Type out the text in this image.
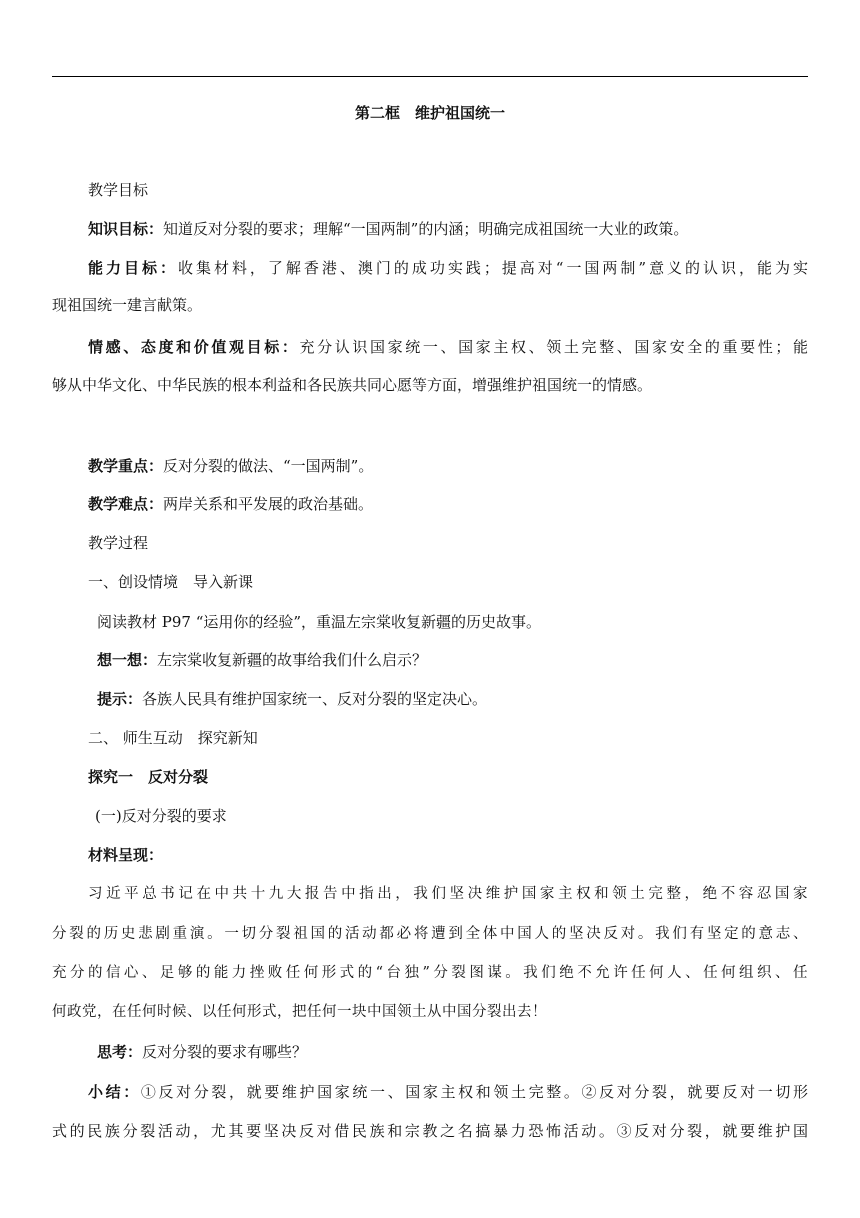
第二框　维护祖国统一
教学目标
知识目标：知道反对分裂的要求；理解“一国两制”的内涵；明确完成祖国统一大业的政策。
能力目标：收集材料，了解香港、澳门的成功实践；提高对“一国两制”意义的认识，能为实
现祖国统一建言献策。
情感、态度和价值观目标：充分认识国家统一、国家主权、领土完整、国家安全的重要性；能
够从中华文化、中华民族的根本利益和各民族共同心愿等方面，增强维护祖国统一的情感。
教学重点：反对分裂的做法、“一国两制”。
教学难点：两岸关系和平发展的政治基础。
教学过程
一、创设情境　导入新课
阅读教材 P97 “运用你的经验”，重温左宗棠收复新疆的历史故事。
想一想：左宗棠收复新疆的故事给我们什么启示？
提示：各族人民具有维护国家统一、反对分裂的坚定决心。
二、 师生互动　探究新知
探究一　反对分裂
(一)反对分裂的要求
材料呈现：
习近平总书记在中共十九大报告中指出，我们坚决维护国家主权和领土完整，绝不容忍国家
分裂的历史悲剧重演。一切分裂祖国的活动都必将遭到全体中国人的坚决反对。我们有坚定的意志、
充分的信心、足够的能力挫败任何形式的“台独”分裂图谋。我们绝不允许任何人、任何组织、任
何政党，在任何时候、以任何形式，把任何一块中国领土从中国分裂出去！
思考：反对分裂的要求有哪些？
小结：①反对分裂，就要维护国家统一、国家主权和领土完整。②反对分裂，就要反对一切形
式的民族分裂活动，尤其要坚决反对借民族和宗教之名搞暴力恐怖活动。③反对分裂，就要维护国
